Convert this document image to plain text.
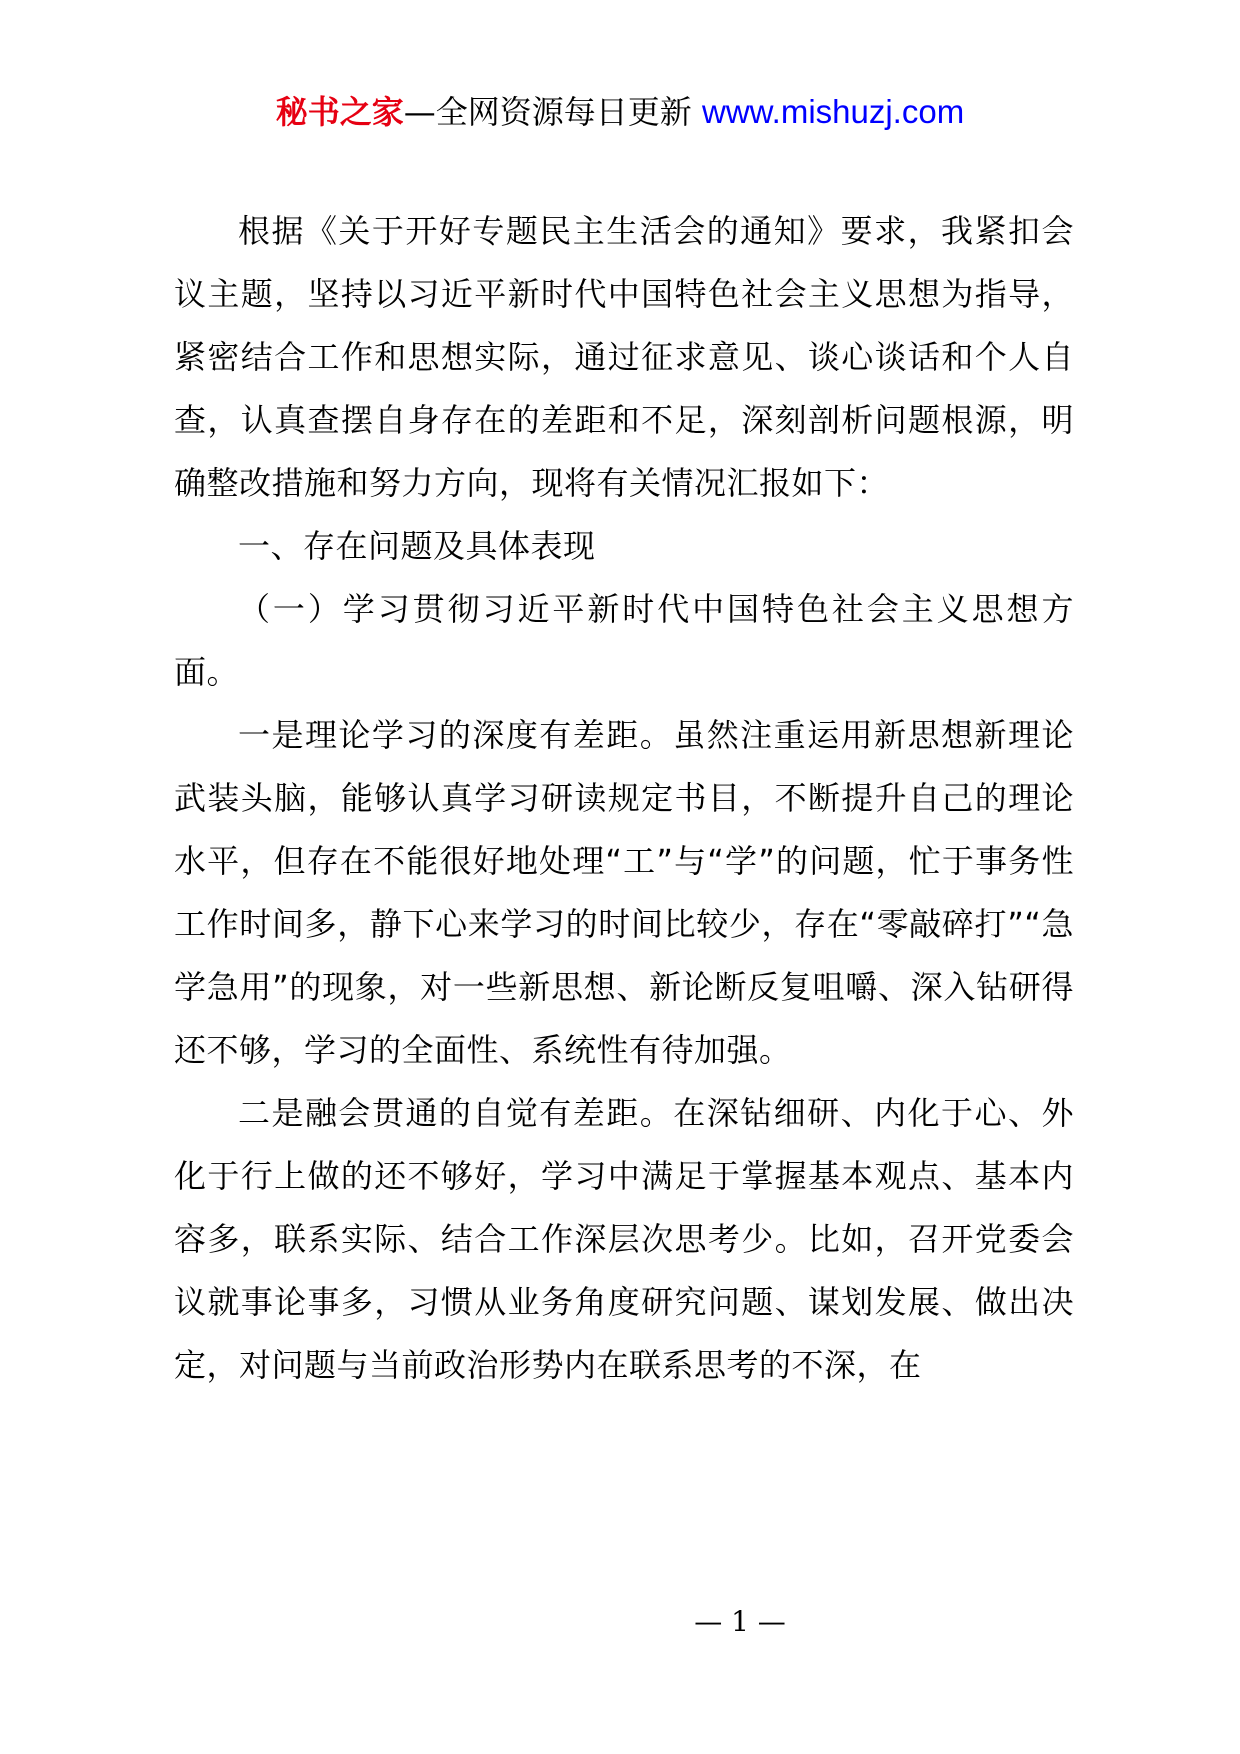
秘书之家—全网资源每日更新 www.mishuzj.com

根据《关于开好专题民主生活会的通知》要求，我紧扣会议主题，坚持以习近平新时代中国特色社会主义思想为指导，紧密结合工作和思想实际，通过征求意见、谈心谈话和个人自查，认真查摆自身存在的差距和不足，深刻剖析问题根源，明确整改措施和努力方向，现将有关情况汇报如下：

一、存在问题及具体表现

（一）学习贯彻习近平新时代中国特色社会主义思想方面。

一是理论学习的深度有差距。虽然注重运用新思想新理论武装头脑，能够认真学习研读规定书目，不断提升自己的理论水平，但存在不能很好地处理“工”与“学”的问题，忙于事务性工作时间多，静下心来学习的时间比较少，存在“零敲碎打”“急学急用”的现象，对一些新思想、新论断反复咀嚼、深入钻研得还不够，学习的全面性、系统性有待加强。

二是融会贯通的自觉有差距。在深钻细研、内化于心、外化于行上做的还不够好，学习中满足于掌握基本观点、基本内容多，联系实际、结合工作深层次思考少。比如，召开党委会议就事论事多，习惯从业务角度研究问题、谋划发展、做出决定，对问题与当前政治形势内在联系思考的不深，在

— 1 —
